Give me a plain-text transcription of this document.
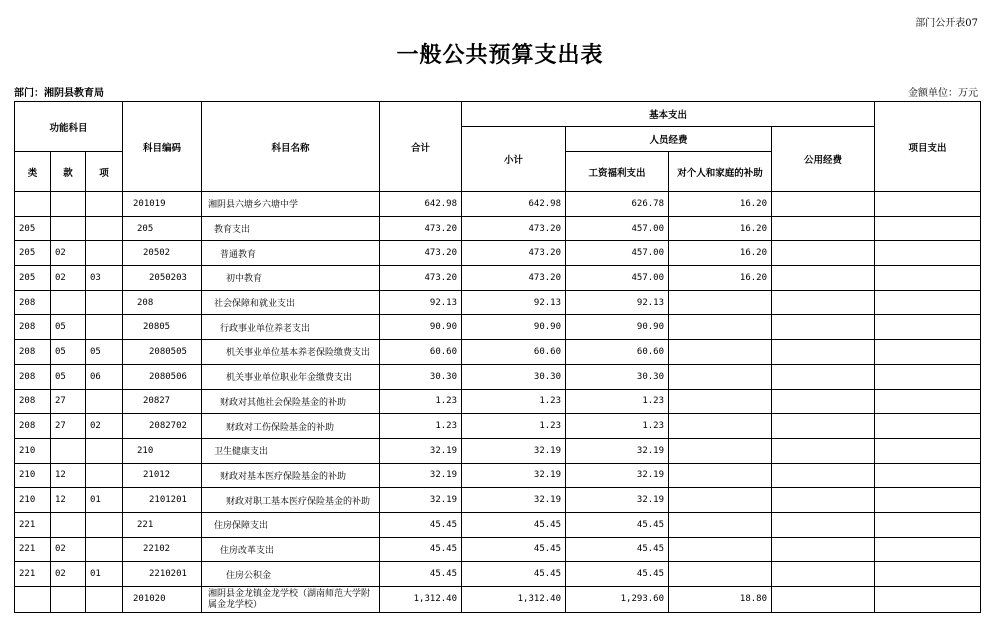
部门公开表07
一般公共预算支出表
部门：湘阴县教育局	金额单位：万元
功能科目			科目编码	科目名称	合计	基本支出				项目支出
						小计	人员经费		公用经费	
类	款	项					工资福利支出	对个人和家庭的补助		
			201019	湘阴县六塘乡六塘中学	642.98	642.98	626.78	16.20		
205			205	教育支出	473.20	473.20	457.00	16.20		
205	02		20502	普通教育	473.20	473.20	457.00	16.20		
205	02	03	2050203	初中教育	473.20	473.20	457.00	16.20		
208			208	社会保障和就业支出	92.13	92.13	92.13			
208	05		20805	行政事业单位养老支出	90.90	90.90	90.90			
208	05	05	2080505	机关事业单位基本养老保险缴费支出	60.60	60.60	60.60			
208	05	06	2080506	机关事业单位职业年金缴费支出	30.30	30.30	30.30			
208	27		20827	财政对其他社会保险基金的补助	1.23	1.23	1.23			
208	27	02	2082702	财政对工伤保险基金的补助	1.23	1.23	1.23			
210			210	卫生健康支出	32.19	32.19	32.19			
210	12		21012	财政对基本医疗保险基金的补助	32.19	32.19	32.19			
210	12	01	2101201	财政对职工基本医疗保险基金的补助	32.19	32.19	32.19			
221			221	住房保障支出	45.45	45.45	45.45			
221	02		22102	住房改革支出	45.45	45.45	45.45			
221	02	01	2210201	住房公积金	45.45	45.45	45.45			
			201020	湘阴县金龙镇金龙学校（湖南师范大学附属金龙学校）	1,312.40	1,312.40	1,293.60	18.80		
